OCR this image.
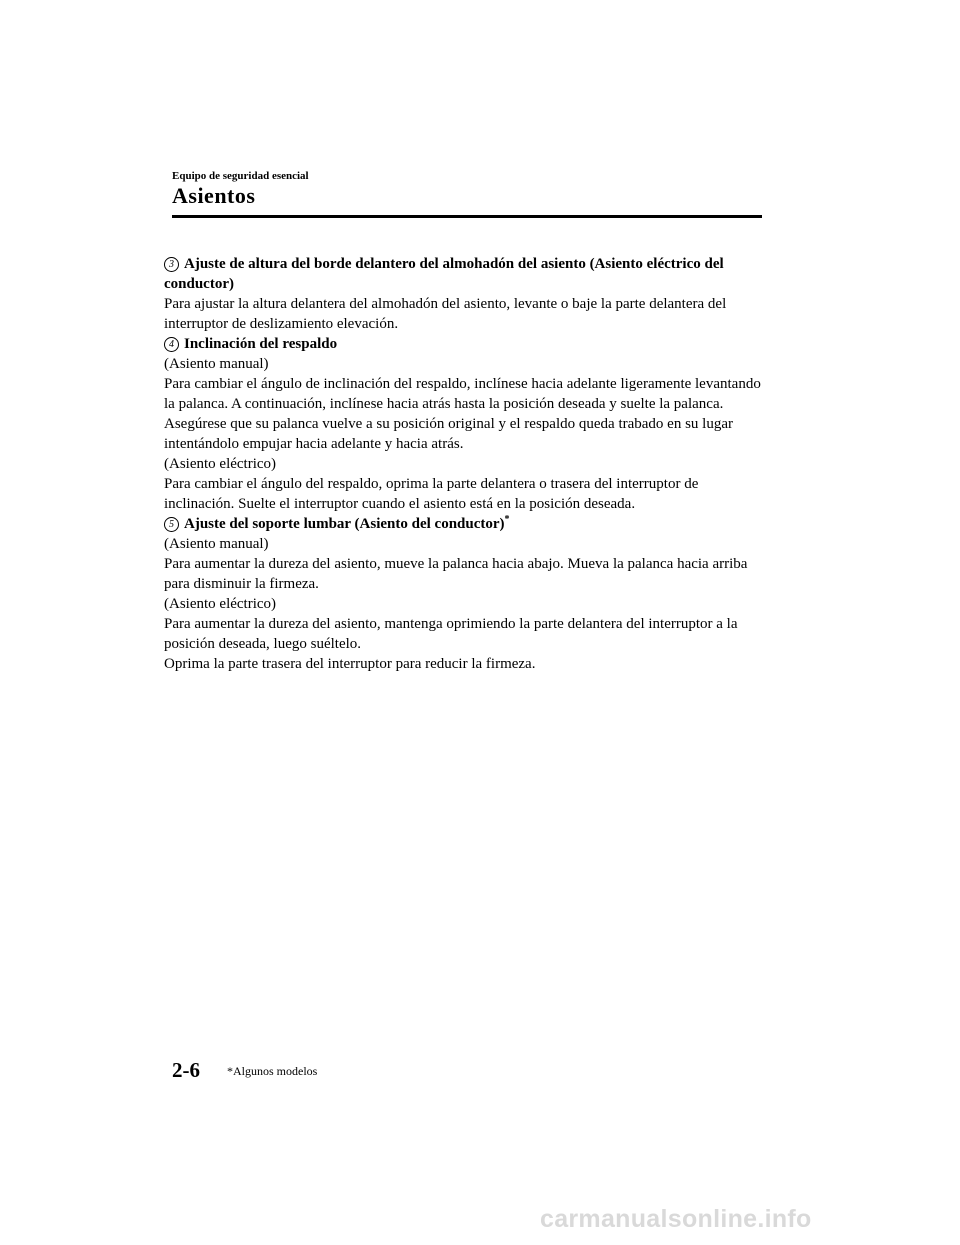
Equipo de seguridad esencial
Asientos

3 Ajuste de altura del borde delantero del almohadón del asiento (Asiento eléctrico del conductor)

Para ajustar la altura delantera del almohadón del asiento, levante o baje la parte delantera del interruptor de deslizamiento elevación.

4 Inclinación del respaldo

(Asiento manual)

Para cambiar el ángulo de inclinación del respaldo, inclínese hacia adelante ligeramente levantando la palanca. A continuación, inclínese hacia atrás hasta la posición deseada y suelte la palanca.

Asegúrese que su palanca vuelve a su posición original y el respaldo queda trabado en su lugar intentándolo empujar hacia adelante y hacia atrás.

(Asiento eléctrico)

Para cambiar el ángulo del respaldo, oprima la parte delantera o trasera del interruptor de inclinación. Suelte el interruptor cuando el asiento está en la posición deseada.

5 Ajuste del soporte lumbar (Asiento del conductor)*

(Asiento manual)

Para aumentar la dureza del asiento, mueve la palanca hacia abajo. Mueva la palanca hacia arriba para disminuir la firmeza.

(Asiento eléctrico)

Para aumentar la dureza del asiento, mantenga oprimiendo la parte delantera del interruptor a la posición deseada, luego suéltelo.

Oprima la parte trasera del interruptor para reducir la firmeza.

2-6 *Algunos modelos
carmanualsonline.info
